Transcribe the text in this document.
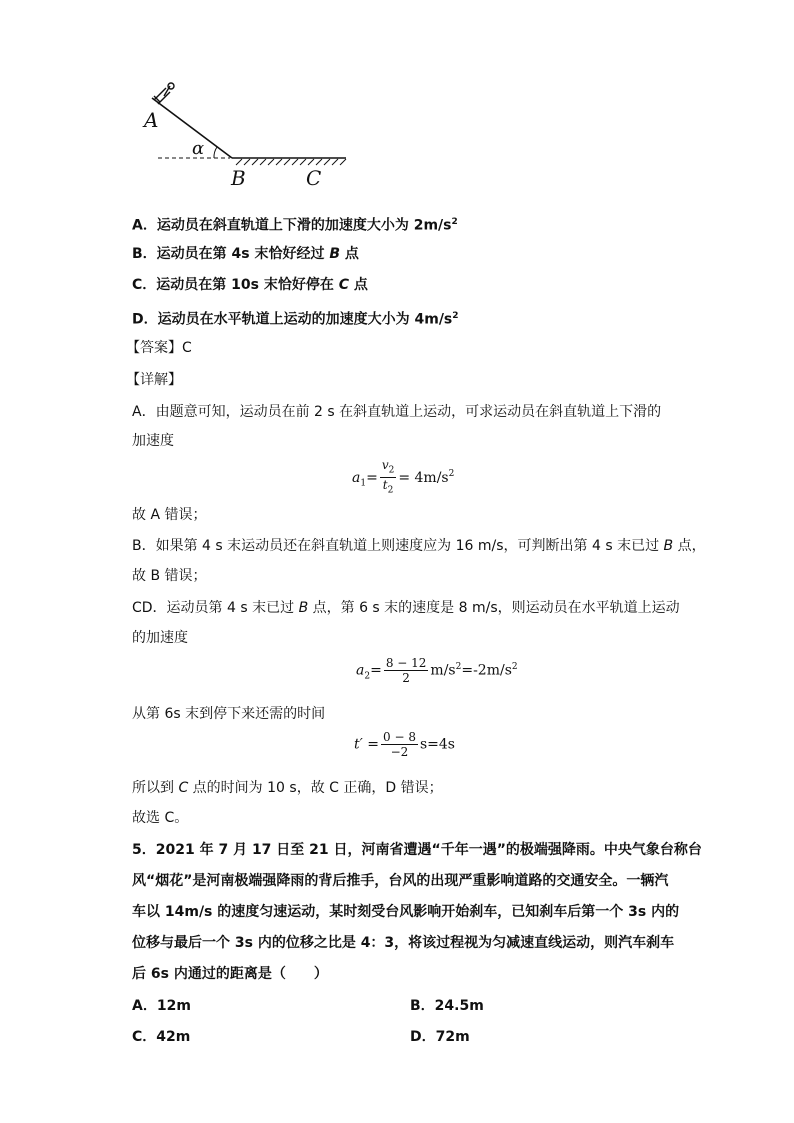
A
α
B	C
A．运动员在斜直轨道上下滑的加速度大小为 $2m/s^2$
B．运动员在第 4s 末恰好经过 B 点
C．运动员在第 10s 末恰好停在 C 点
D．运动员在水平轨道上运动的加速度大小为 $4m/s^2$
【答案】C
【详解】
A．由题意可知，运动员在前 2 s 在斜直轨道上运动，可求运动员在斜直轨道上下滑的
加速度
$a_1= \frac{v_2}{t_2} = 4m/s^2$
故 A 错误；
B．如果第 4 s 末运动员还在斜直轨道上则速度应为 16 m/s，可判断出第 4 s 末已过 B 点，
故 B 错误；
CD．运动员第 4 s 末已过 B 点，第 6 s 末的速度是 8 m/s，则运动员在水平轨道上运动
的加速度
$a_2= \frac{8 - 12}{2} m/s^2=-2m/s^2$
从第 6s 末到停下来还需的时间
$t' = \frac{0 - 8}{-2} s=4s$
所以到 C 点的时间为 10 s，故 C 正确，D 错误；
故选 C。
5．2021 年 7 月 17 日至 21 日，河南省遭遇“千年一遇”的极端强降雨。中央气象台称台
风“烟花”是河南极端强降雨的背后推手，台风的出现严重影响道路的交通安全。一辆汽
车以 14m/s 的速度匀速运动，某时刻受台风影响开始刹车，已知刹车后第一个 3s 内的
位移与最后一个 3s 内的位移之比是 4：3，将该过程视为匀减速直线运动，则汽车刹车
后 6s 内通过的距离是（　　）
A．12m	B．24.5m
C．42m	D．72m
